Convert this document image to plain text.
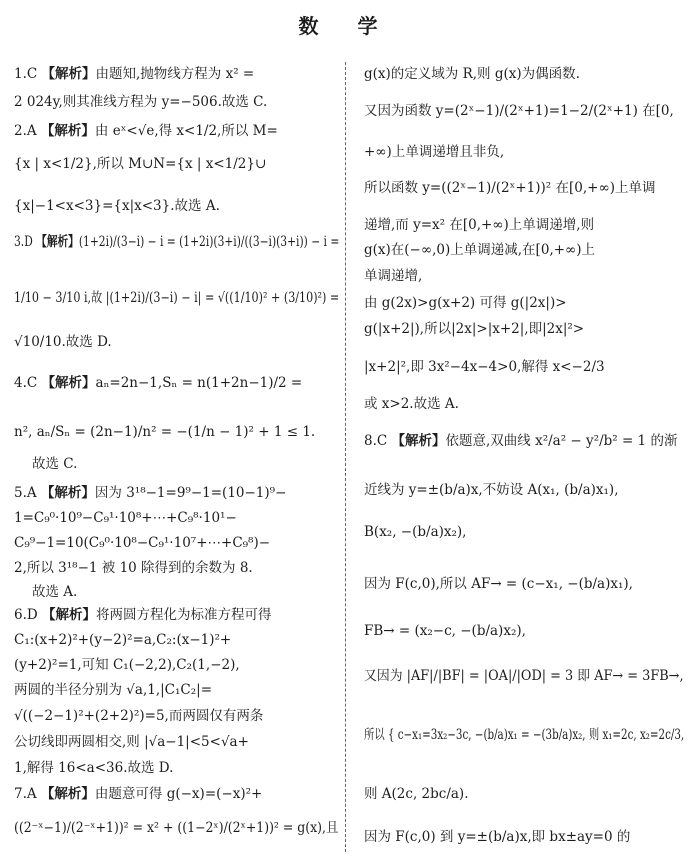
数 学
1.C 【解析】由题知,抛物线方程为 x² =
2 024y,则其准线方程为 y=−506.故选 C.
2.A 【解析】由 eˣ<√e,得 x<1/2,所以 M=
{x | x<1/2},所以 M∪N={x | x<1/2}∪
{x|−1<x<3}={x|x<3}.故选 A.
3.D 【解析】(1+2i)/(3−i) − i = (1+2i)(3+i)/((3−i)(3+i)) − i =
1/10 − 3/10 i,故 |(1+2i)/(3−i) − i| = √((1/10)² + (3/10)²) =
√10/10.故选 D.
4.C 【解析】aₙ=2n−1,Sₙ = n(1+2n−1)/2 =
n², aₙ/Sₙ = (2n−1)/n² = −(1/n − 1)² + 1 ≤ 1.
故选 C.
5.A 【解析】因为 3¹⁸−1=9⁹−1=(10−1)⁹−
1=C₉⁰·10⁹−C₉¹·10⁸+⋯+C₉⁸·10¹−
C₉⁹−1=10(C₉⁰·10⁸−C₉¹·10⁷+⋯+C₉⁸)−
2,所以 3¹⁸−1 被 10 除得到的余数为 8.
故选 A.
6.D 【解析】将两圆方程化为标准方程可得
C₁:(x+2)²+(y−2)²=a,C₂:(x−1)²+
(y+2)²=1,可知 C₁(−2,2),C₂(1,−2),
两圆的半径分别为 √a,1,|C₁C₂|=
√((−2−1)²+(2+2)²)=5,而两圆仅有两条
公切线即两圆相交,则 |√a−1|<5<√a+
1,解得 16<a<36.故选 D.
7.A 【解析】由题意可得 g(−x)=(−x)²+
((2⁻ˣ−1)/(2⁻ˣ+1))² = x² + ((1−2ˣ)/(2ˣ+1))² = g(x),且
g(x)的定义域为 R,则 g(x)为偶函数.
又因为函数 y=(2ˣ−1)/(2ˣ+1)=1−2/(2ˣ+1) 在[0,
+∞)上单调递增且非负,
所以函数 y=((2ˣ−1)/(2ˣ+1))² 在[0,+∞)上单调
递增,而 y=x² 在[0,+∞)上单调递增,则
g(x)在(−∞,0)上单调递减,在[0,+∞)上
单调递增,
由 g(2x)>g(x+2) 可得 g(|2x|)>
g(|x+2|),所以|2x|>|x+2|,即|2x|²>
|x+2|²,即 3x²−4x−4>0,解得 x<−2/3
或 x>2.故选 A.
8.C 【解析】依题意,双曲线 x²/a² − y²/b² = 1 的渐
近线为 y=±(b/a)x,不妨设 A(x₁, (b/a)x₁),
B(x₂, −(b/a)x₂),
因为 F(c,0),所以 AF→ = (c−x₁, −(b/a)x₁),
FB→ = (x₂−c, −(b/a)x₂),
又因为 |AF|/|BF| = |OA|/|OD| = 3 即 AF→ = 3FB→,
所以 { c−x₁=3x₂−3c, −(b/a)x₁ = −(3b/a)x₂, 则 x₁=2c, x₂=2c/3,
则 A(2c, 2bc/a).
因为 F(c,0) 到 y=±(b/a)x,即 bx±ay=0 的
